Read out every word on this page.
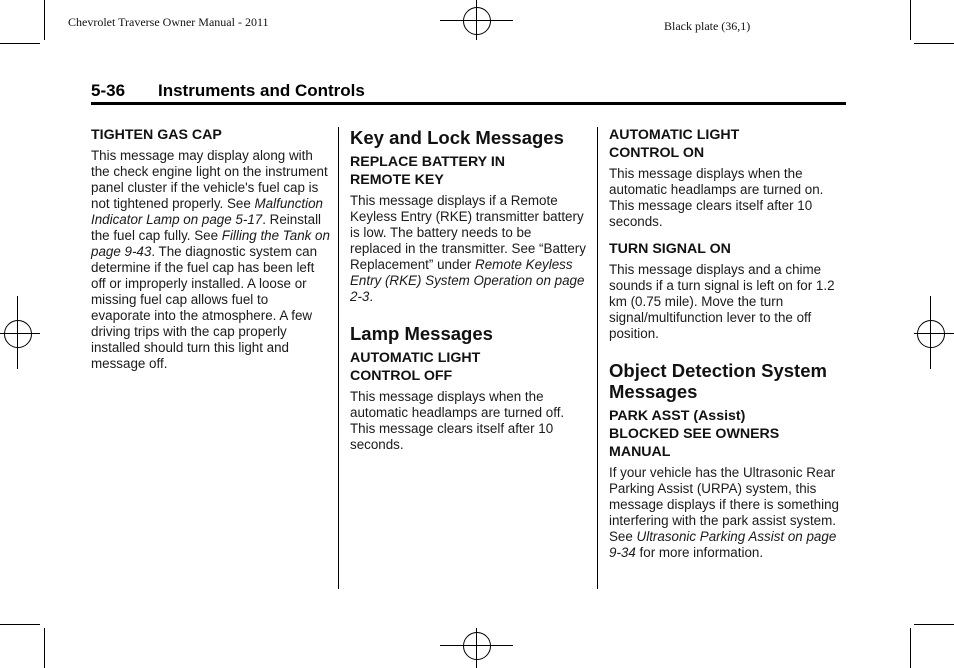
Chevrolet Traverse Owner Manual - 2011	Black plate (36,1)
5-36 Instruments and Controls
TIGHTEN GAS CAP

This message may display along with the check engine light on the instrument panel cluster if the vehicle's fuel cap is not tightened properly. See Malfunction Indicator Lamp on page 5-17. Reinstall the fuel cap fully. See Filling the Tank on page 9-43. The diagnostic system can determine if the fuel cap has been left off or improperly installed. A loose or missing fuel cap allows fuel to evaporate into the atmosphere. A few driving trips with the cap properly installed should turn this light and message off.

Key and Lock Messages
REPLACE BATTERY IN
REMOTE KEY

This message displays if a Remote Keyless Entry (RKE) transmitter battery is low. The battery needs to be replaced in the transmitter. See “Battery Replacement” under Remote Keyless Entry (RKE) System Operation on page 2-3.

Lamp Messages
AUTOMATIC LIGHT
CONTROL OFF

This message displays when the automatic headlamps are turned off. This message clears itself after 10 seconds.

AUTOMATIC LIGHT
CONTROL ON

This message displays when the automatic headlamps are turned on. This message clears itself after 10 seconds.

TURN SIGNAL ON

This message displays and a chime sounds if a turn signal is left on for 1.2 km (0.75 mile). Move the turn signal/multifunction lever to the off position.

Object Detection System
Messages
PARK ASST (Assist)
BLOCKED SEE OWNERS
MANUAL

If your vehicle has the Ultrasonic Rear Parking Assist (URPA) system, this message displays if there is something interfering with the park assist system. See Ultrasonic Parking Assist on page 9-34 for more information.
